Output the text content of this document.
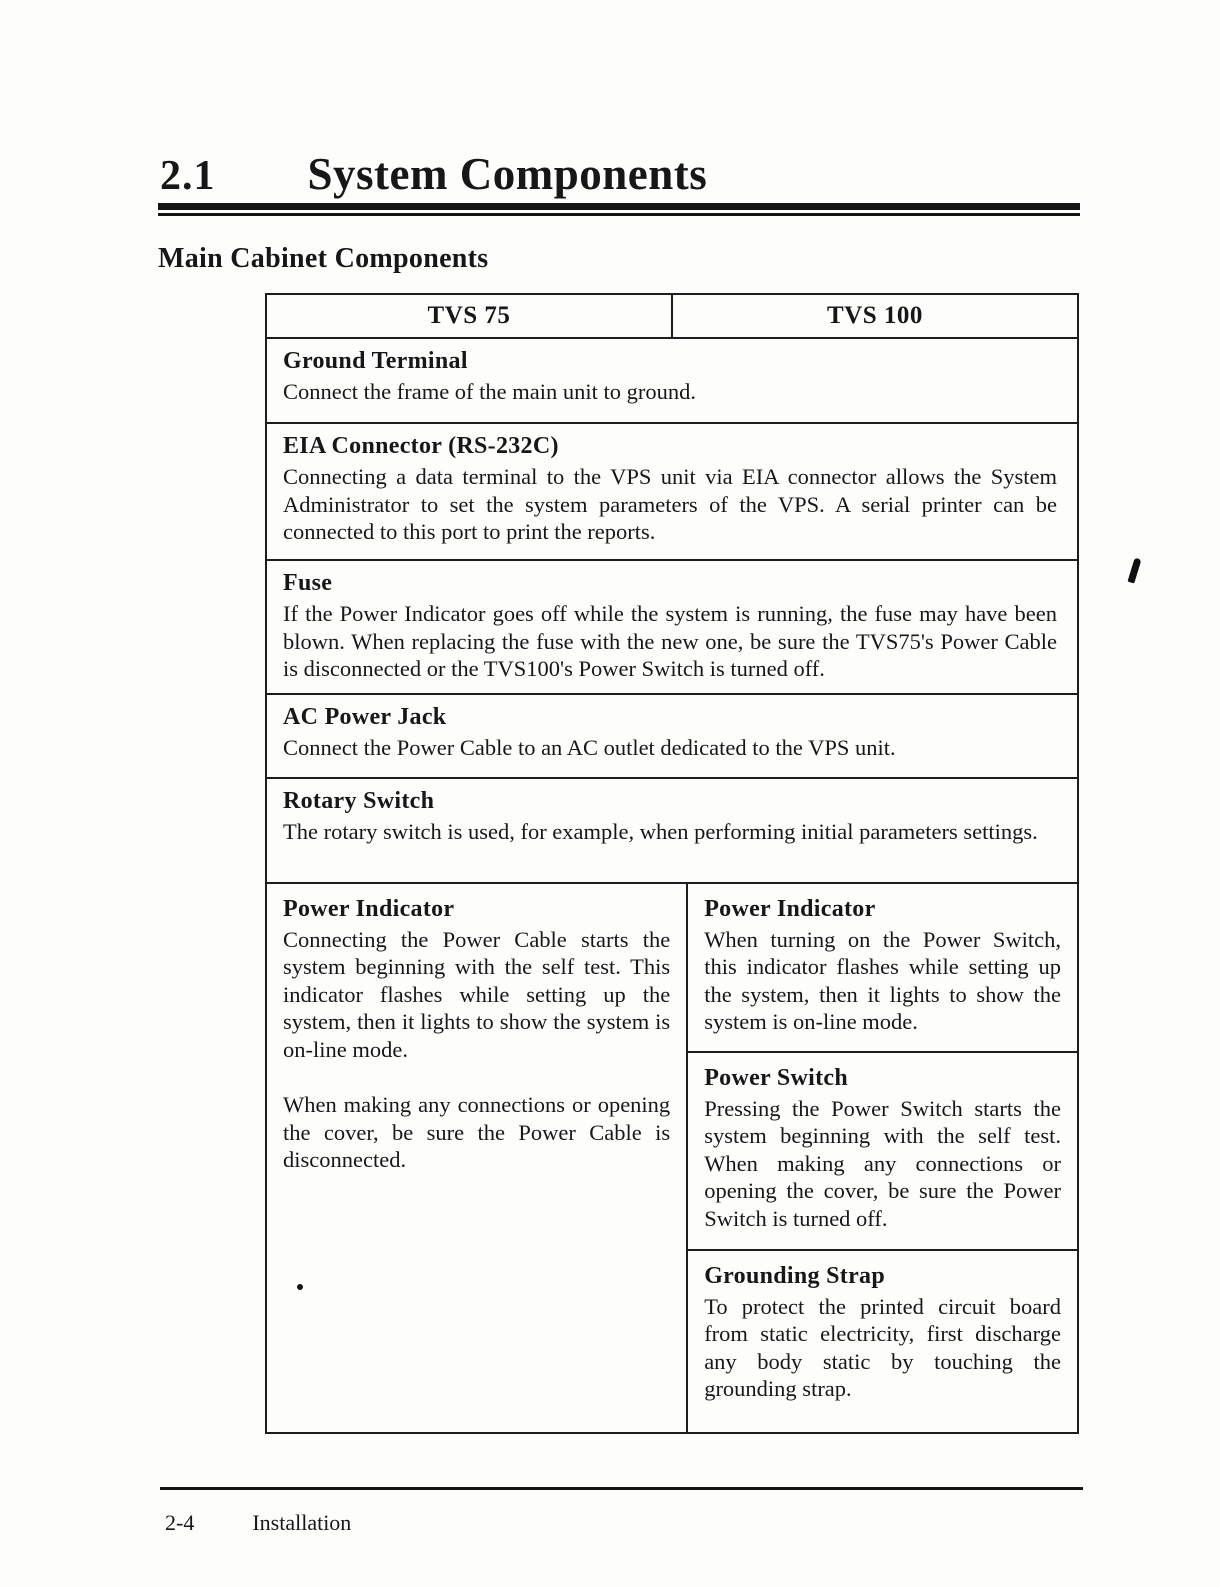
2.1 System Components
Main Cabinet Components
TVS 75	TVS 100
Ground Terminal
Connect the frame of the main unit to ground.
EIA Connector (RS-232C)
Connecting a data terminal to the VPS unit via EIA connector allows the System Administrator to set the system parameters of the VPS. A serial printer can be connected to this port to print the reports.
Fuse
If the Power Indicator goes off while the system is running, the fuse may have been blown. When replacing the fuse with the new one, be sure the TVS75's Power Cable is disconnected or the TVS100's Power Switch is turned off.
AC Power Jack
Connect the Power Cable to an AC outlet dedicated to the VPS unit.
Rotary Switch
The rotary switch is used, for example, when performing initial parameters settings.
Power Indicator
Connecting the Power Cable starts the system beginning with the self test. This indicator flashes while setting up the system, then it lights to show the system is on-line mode.
When making any connections or opening the cover, be sure the Power Cable is disconnected.
Power Indicator
When turning on the Power Switch, this indicator flashes while setting up the system, then it lights to show the system is on-line mode.
Power Switch
Pressing the Power Switch starts the system beginning with the self test. When making any connections or opening the cover, be sure the Power Switch is turned off.
Grounding Strap
To protect the printed circuit board from static electricity, first discharge any body static by touching the grounding strap.
2-4	Installation
